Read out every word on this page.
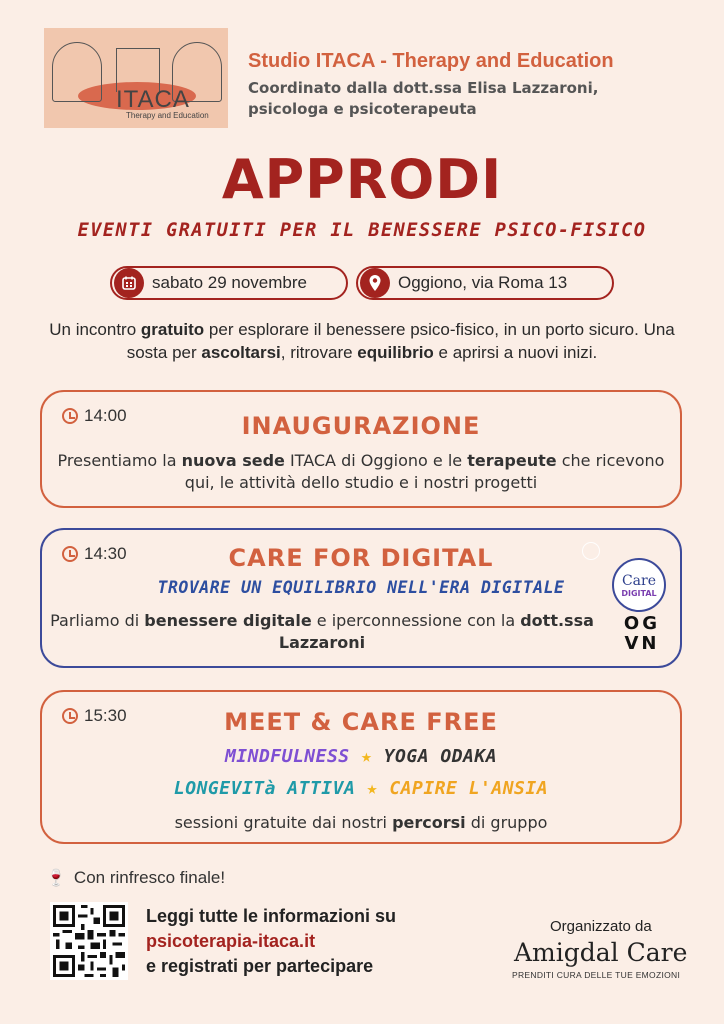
ITACA
Therapy and Education
Studio ITACA - Therapy and Education
Coordinato dalla dott.ssa Elisa Lazzaroni,
psicologa e psicoterapeuta
APPRODI
EVENTI GRATUITI PER IL BENESSERE PSICO-FISICO
sabato 29 novembre	Oggiono, via Roma 13
Un incontro gratuito per esplorare il benessere psico-fisico, in un porto sicuro. Una sosta per ascoltarsi, ritrovare equilibrio e aprirsi a nuovi inizi.
14:00	INAUGURAZIONE
Presentiamo la nuova sede ITACA di Oggiono e le terapeute che ricevono qui, le attività dello studio e i nostri progetti
14:30	CARE FOR DIGITAL
TROVARE UN EQUILIBRIO NELL'ERA DIGITALE
Parliamo di benessere digitale e iperconnessione con la dott.ssa Lazzaroni
Care
DIGITAL
OG
VN
15:30	MEET & CARE FREE
MINDFULNESS ★ YOGA ODAKA
LONGEVITà ATTIVA ★ CAPIRE L'ANSIA
sessioni gratuite dai nostri percorsi di gruppo
🍷 Con rinfresco finale!
Leggi tutte le informazioni su
psicoterapia-itaca.it
e registrati per partecipare
Organizzato da
Amigdal Care
PRENDITI CURA DELLE TUE EMOZIONI
